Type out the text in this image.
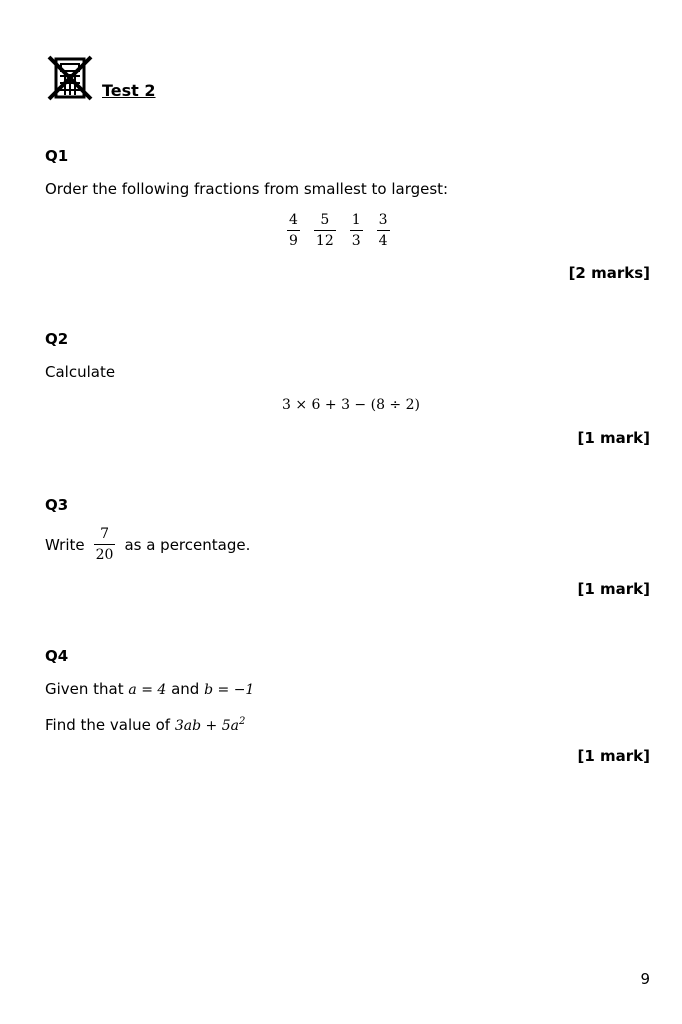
Test 2
Q1
Order the following fractions from smallest to largest:
$\frac{4}{9} \frac{5}{12} \frac{1}{3} \frac{3}{4}$
[2 marks]
Q2
Calculate
3 × 6 + 3 − (8 ÷ 2)
[1 mark]
Q3
Write $\frac{7}{20}$ as a percentage.
[1 mark]
Q4
Given that a = 4 and b = −1
Find the value of $3ab + 5a^2$
[1 mark]
9
